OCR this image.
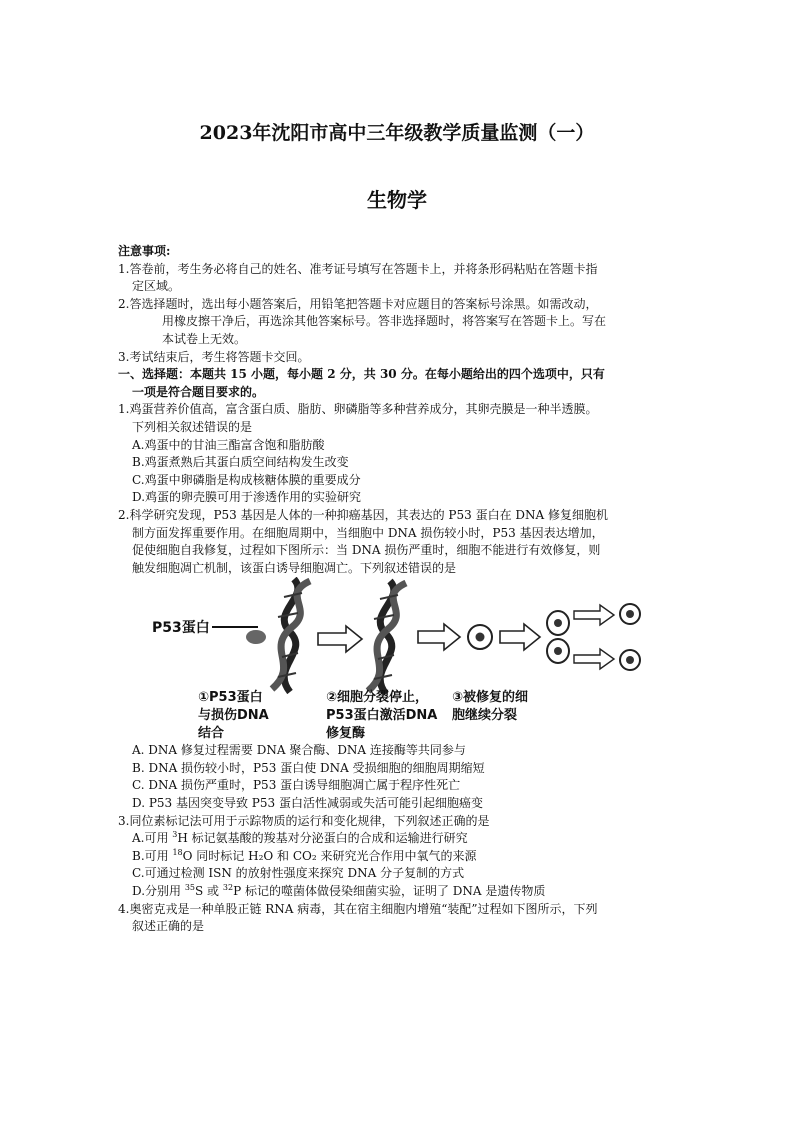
2023年沈阳市高中三年级教学质量监测（一）
生物学
注意事项:
1.答卷前，考生务必将自己的姓名、准考证号填写在答题卡上，并将条形码粘贴在答题卡指
定区域。
2.答选择题时，选出每小题答案后，用铅笔把答题卡对应题目的答案标号涂黑。如需改动，
用橡皮擦干净后，再选涂其他答案标号。答非选择题时，将答案写在答题卡上。写在
本试卷上无效。
3.考试结束后，考生将答题卡交回。
一、选择题：本题共 15 小题，每小题 2 分，共 30 分。在每小题给出的四个选项中，只有
一项是符合题目要求的。
1.鸡蛋营养价值高，富含蛋白质、脂肪、卵磷脂等多种营养成分，其卵壳膜是一种半透膜。
下列相关叙述错误的是
A.鸡蛋中的甘油三酯富含饱和脂肪酸
B.鸡蛋煮熟后其蛋白质空间结构发生改变
C.鸡蛋中卵磷脂是构成核糖体膜的重要成分
D.鸡蛋的卵壳膜可用于渗透作用的实验研究
2.科学研究发现，P53 基因是人体的一种抑癌基因，其表达的 P53 蛋白在 DNA 修复细胞机
制方面发挥重要作用。在细胞周期中，当细胞中 DNA 损伤较小时，P53 基因表达增加，
促使细胞自我修复，过程如下图所示：当 DNA 损伤严重时，细胞不能进行有效修复，则
触发细胞凋亡机制，该蛋白诱导细胞凋亡。下列叙述错误的是
P53蛋白
①P53蛋白
与损伤DNA
结合
②细胞分裂停止，
P53蛋白激活DNA
修复酶
③被修复的细
胞继续分裂
A. DNA 修复过程需要 DNA 聚合酶、DNA 连接酶等共同参与
B. DNA 损伤较小时，P53 蛋白使 DNA 受损细胞的细胞周期缩短
C. DNA 损伤严重时，P53 蛋白诱导细胞凋亡属于程序性死亡
D. P53 基因突变导致 P53 蛋白活性减弱或失活可能引起细胞癌变
3.同位素标记法可用于示踪物质的运行和变化规律，下列叙述正确的是
A.可用 $^3$H 标记氨基酸的羧基对分泌蛋白的合成和运输进行研究
B.可用 $^{18}$O 同时标记 H₂O 和 CO₂ 来研究光合作用中氧气的来源
C.可通过检测 ISN 的放射性强度来探究 DNA 分子复制的方式
D.分别用 $^{35}$S 或 $^{32}$P 标记的噬菌体做侵染细菌实验，证明了 DNA 是遗传物质
4.奥密克戎是一种单股正链 RNA 病毒，其在宿主细胞内增殖“装配”过程如下图所示，下列
叙述正确的是
